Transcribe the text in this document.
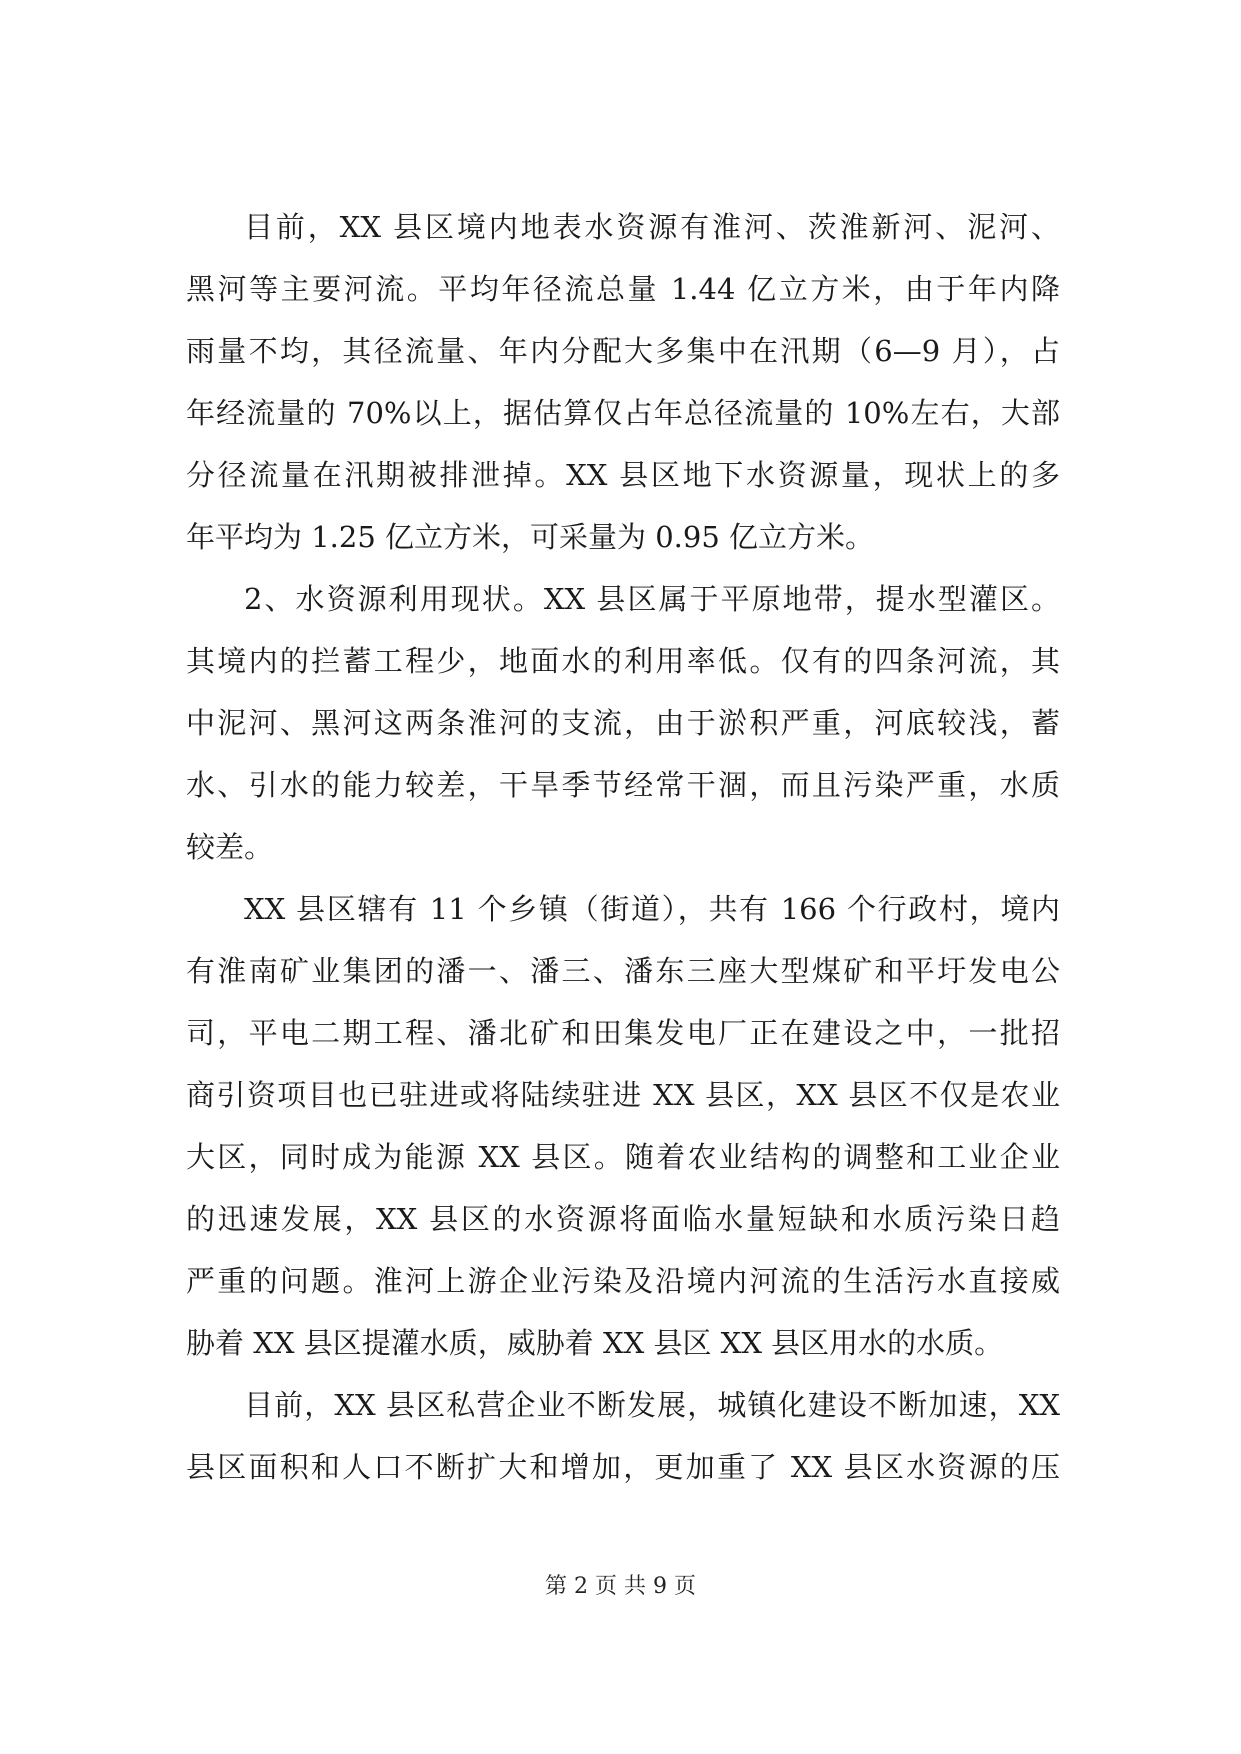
目前，XX 县区境内地表水资源有淮河、茨淮新河、泥河、
黑河等主要河流。平均年径流总量 1.44 亿立方米，由于年内降
雨量不均，其径流量、年内分配大多集中在汛期（6—9 月），占
年经流量的 70%以上，据估算仅占年总径流量的 10%左右，大部
分径流量在汛期被排泄掉。XX 县区地下水资源量，现状上的多
年平均为 1.25 亿立方米，可采量为 0.95 亿立方米。
2、水资源利用现状。XX 县区属于平原地带，提水型灌区。
其境内的拦蓄工程少，地面水的利用率低。仅有的四条河流，其
中泥河、黑河这两条淮河的支流，由于淤积严重，河底较浅，蓄
水、引水的能力较差，干旱季节经常干涸，而且污染严重，水质
较差。
XX 县区辖有 11 个乡镇（街道），共有 166 个行政村，境内
有淮南矿业集团的潘一、潘三、潘东三座大型煤矿和平圩发电公
司，平电二期工程、潘北矿和田集发电厂正在建设之中，一批招
商引资项目也已驻进或将陆续驻进 XX 县区，XX 县区不仅是农业
大区，同时成为能源 XX 县区。随着农业结构的调整和工业企业
的迅速发展，XX 县区的水资源将面临水量短缺和水质污染日趋
严重的问题。淮河上游企业污染及沿境内河流的生活污水直接威
胁着 XX 县区提灌水质，威胁着 XX 县区 XX 县区用水的水质。
目前，XX 县区私营企业不断发展，城镇化建设不断加速，XX
县区面积和人口不断扩大和增加，更加重了 XX 县区水资源的压
第 2 页 共 9 页
